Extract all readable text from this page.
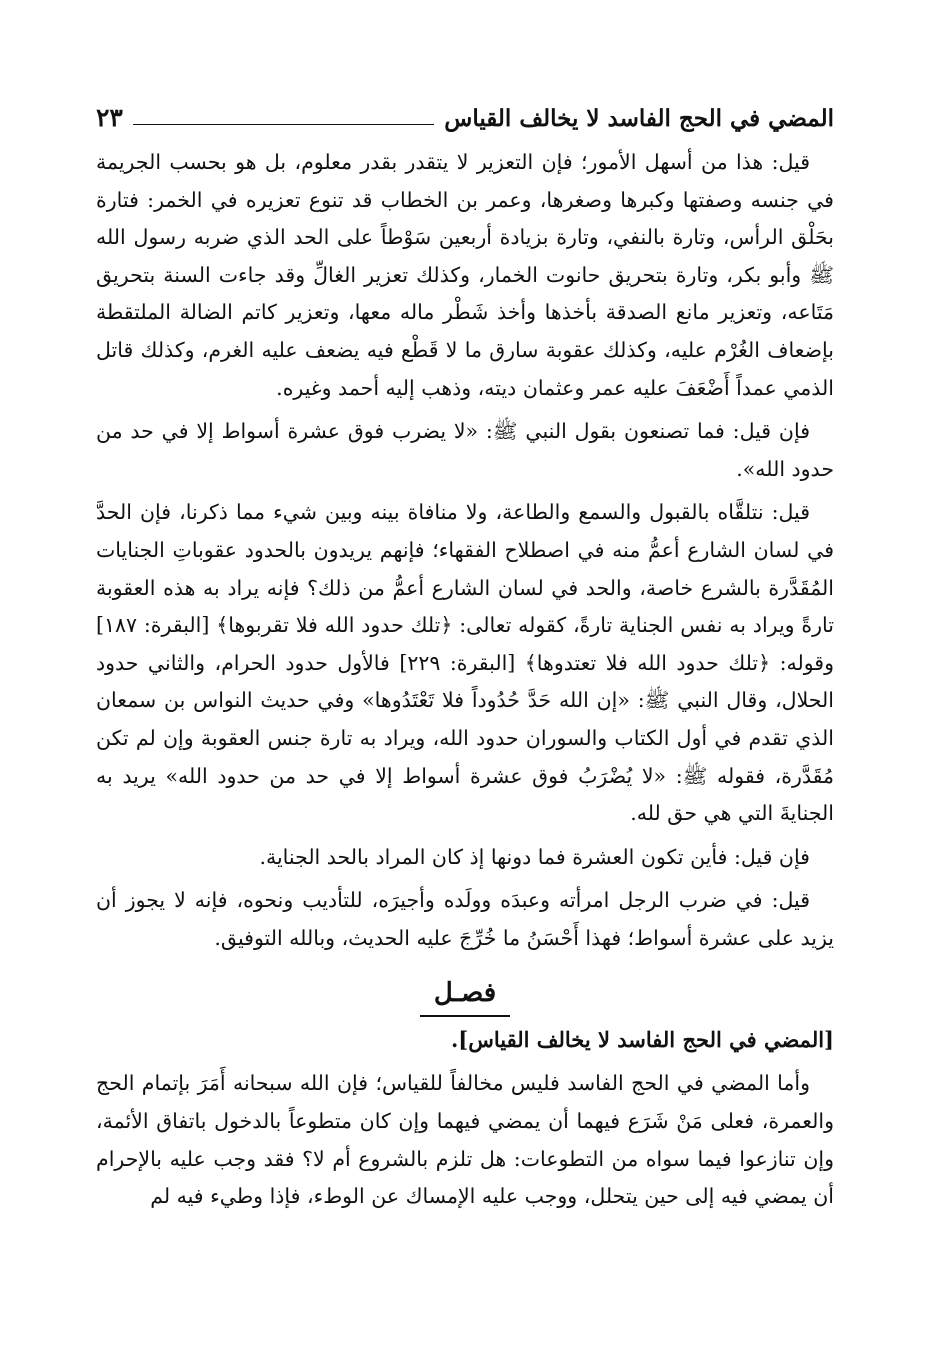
المضي في الحج الفاسد لا يخالف القياس
٢٣

قيل: هذا من أسهل الأمور؛ فإن التعزير لا يتقدر بقدر معلوم، بل هو بحسب الجريمة في جنسه وصفتها وكبرها وصغرها، وعمر بن الخطاب قد تنوع تعزيره في الخمر: فتارة بحَلْق الرأس، وتارة بالنفي، وتارة بزيادة أربعين سَوْطاً على الحد الذي ضربه رسول الله ﷺ وأبو بكر، وتارة بتحريق حانوت الخمار، وكذلك تعزير الغالِّ وقد جاءت السنة بتحريق مَتَاعه، وتعزير مانع الصدقة بأخذها وأخذ شَطْر ماله معها، وتعزير كاتم الضالة الملتقطة بإضعاف الغُرْم عليه، وكذلك عقوبة سارق ما لا قَطْع فيه يضعف عليه الغرم، وكذلك قاتل الذمي عمداً أَضْعَفَ عليه عمر وعثمان ديته، وذهب إليه أحمد وغيره.

فإن قيل: فما تصنعون بقول النبي ﷺ: «لا يضرب فوق عشرة أسواط إلا في حد من حدود الله».

قيل: نتلقَّاه بالقبول والسمع والطاعة، ولا منافاة بينه وبين شيء مما ذكرنا، فإن الحدَّ في لسان الشارع أعمُّ منه في اصطلاح الفقهاء؛ فإنهم يريدون بالحدود عقوباتِ الجنايات المُقَدَّرة بالشرع خاصة، والحد في لسان الشارع أعمُّ من ذلك؟ فإنه يراد به هذه العقوبة تارةً ويراد به نفس الجناية تارةً، كقوله تعالى: ﴿تلك حدود الله فلا تقربوها﴾ [البقرة: ١٨٧] وقوله: ﴿تلك حدود الله فلا تعتدوها﴾ [البقرة: ٢٢٩] فالأول حدود الحرام، والثاني حدود الحلال، وقال النبي ﷺ: «إن الله حَدَّ حُدُوداً فلا تَعْتَدُوها» وفي حديث النواس بن سمعان الذي تقدم في أول الكتاب والسوران حدود الله، ويراد به تارة جنس العقوبة وإن لم تكن مُقَدَّرة، فقوله ﷺ: «لا يُضْرَبُ فوق عشرة أسواط إلا في حد من حدود الله» يريد به الجنايةَ التي هي حق لله.

فإن قيل: فأين تكون العشرة فما دونها إذ كان المراد بالحد الجناية.

قيل: في ضرب الرجل امرأته وعبدَه وولَده وأجيرَه، للتأديب ونحوه، فإنه لا يجوز أن يزيد على عشرة أسواط؛ فهذا أَحْسَنُ ما خُرِّجَ عليه الحديث، وبالله التوفيق.

فصـل

[المضي في الحج الفاسد لا يخالف القياس].

وأما المضي في الحج الفاسد فليس مخالفاً للقياس؛ فإن الله سبحانه أَمَرَ بإتمام الحج والعمرة، فعلى مَنْ شَرَع فيهما أن يمضي فيهما وإن كان متطوعاً بالدخول باتفاق الأئمة، وإن تنازعوا فيما سواه من التطوعات: هل تلزم بالشروع أم لا؟ فقد وجب عليه بالإحرام أن يمضي فيه إلى حين يتحلل، ووجب عليه الإمساك عن الوطء، فإذا وطيء فيه لم
